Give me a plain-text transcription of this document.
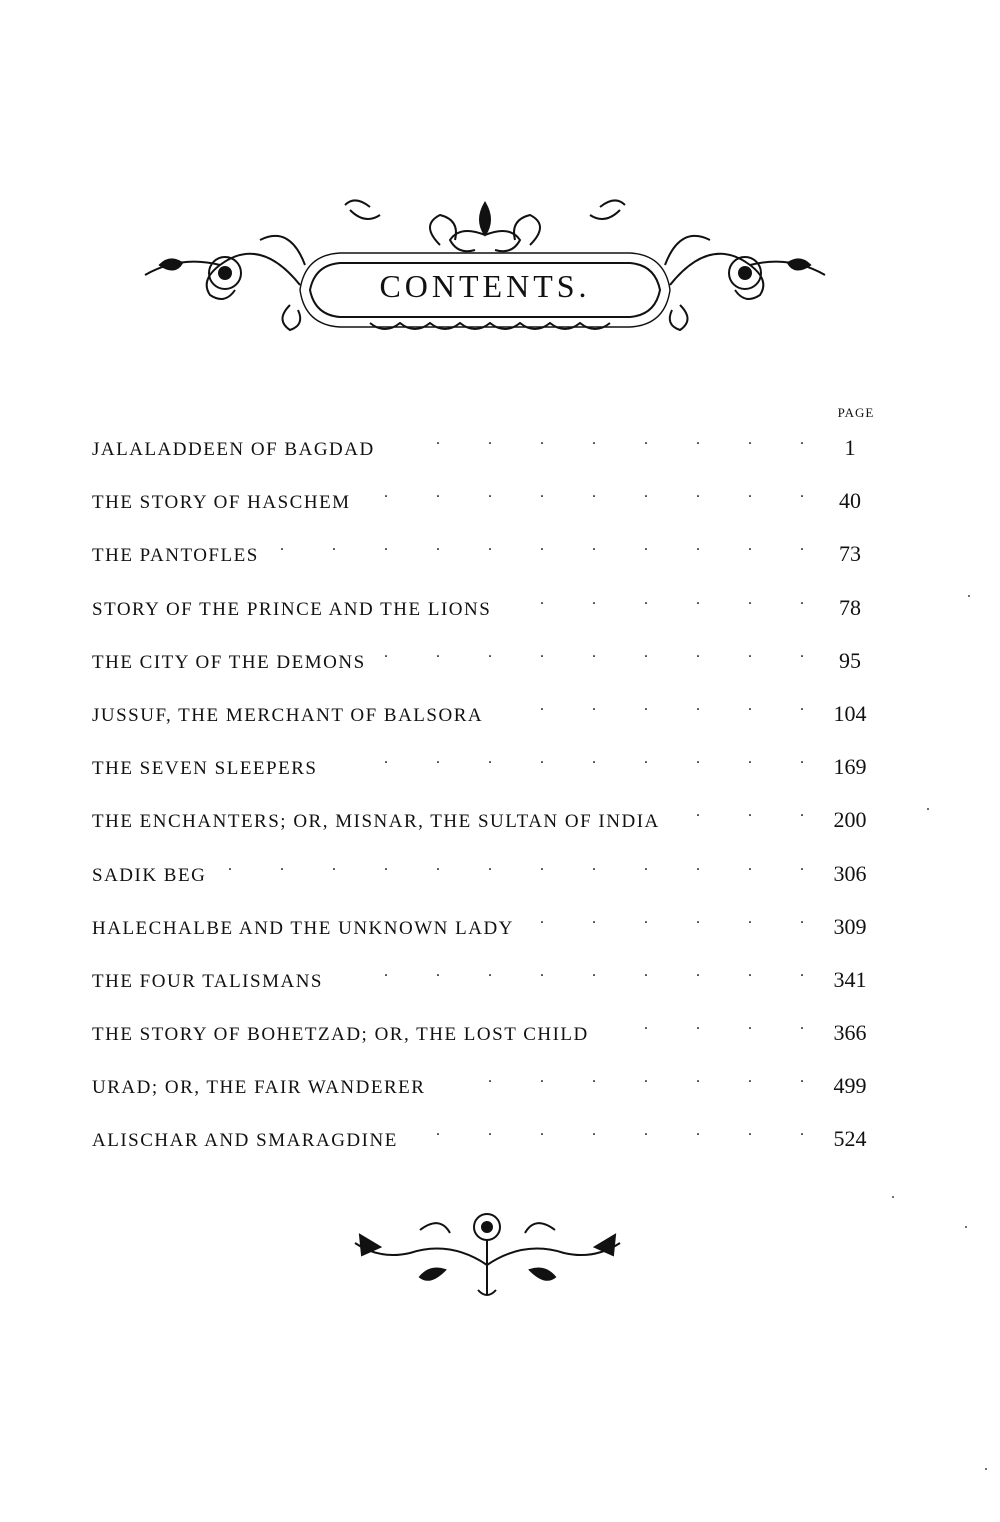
CONTENTS.
PAGE
JALALADDEEN OF BAGDAD .	1
THE STORY OF HASCHEM .	40
THE PANTOFLES .	73
STORY OF THE PRINCE AND THE LIONS .	78
THE CITY OF THE DEMONS .	95
JUSSUF, THE MERCHANT OF BALSORA .	104
THE SEVEN SLEEPERS .	169
THE ENCHANTERS; OR, MISNAR, THE SULTAN OF INDIA .	200
SADIK BEG .	306
HALECHALBE AND THE UNKNOWN LADY .	309
THE FOUR TALISMANS .	341
THE STORY OF BOHETZAD; OR, THE LOST CHILD .	366
URAD; OR, THE FAIR WANDERER .	499
ALISCHAR AND SMARAGDINE .	524
